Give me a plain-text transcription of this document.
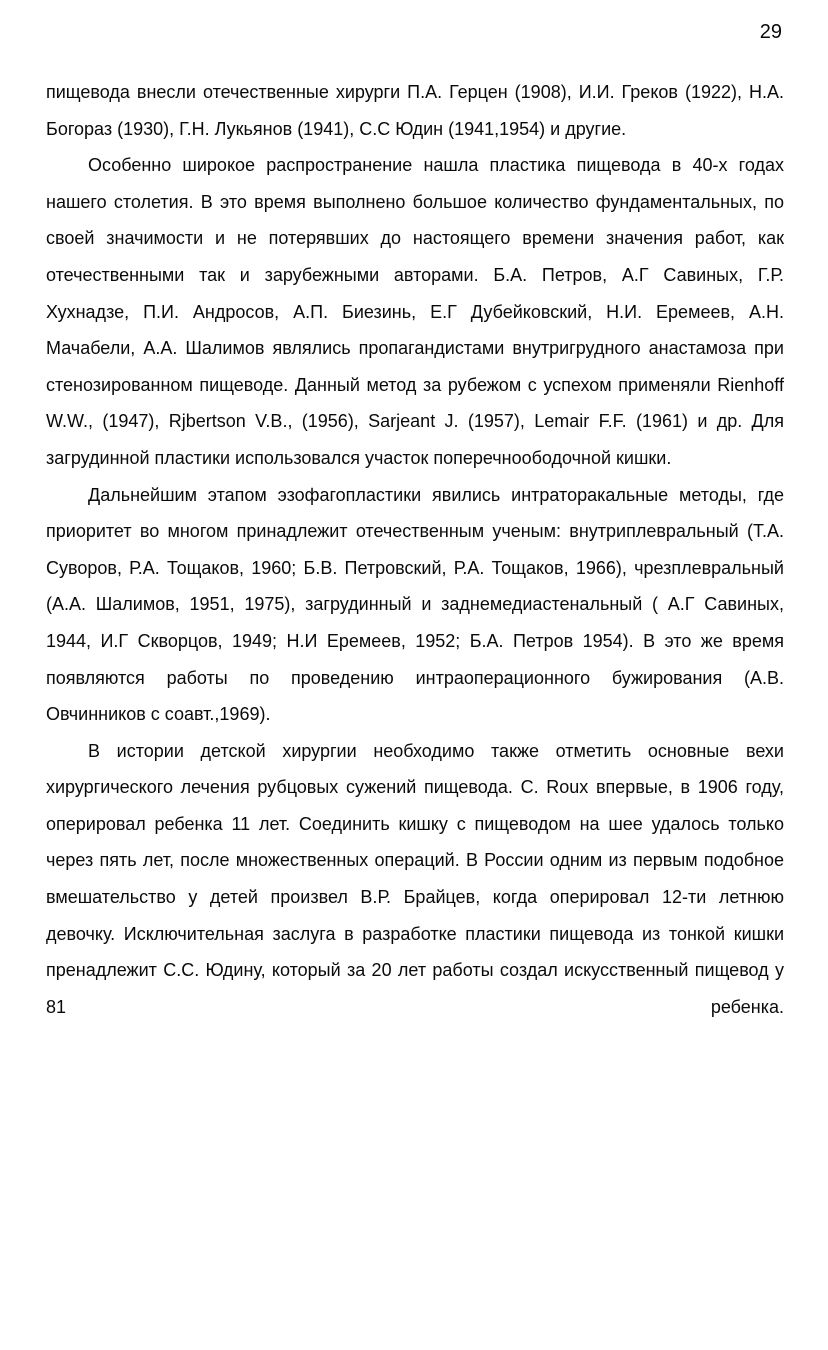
29

пищевода внесли отечественные хирурги П.А. Герцен (1908), И.И. Греков (1922), Н.А. Богораз (1930), Г.Н. Лукьянов (1941), С.С Юдин (1941,1954) и другие.

Особенно широкое распространение нашла пластика пищевода в 40-х годах нашего столетия. В это время выполнено большое количество фундаментальных, по своей значимости и не потерявших до настоящего времени значения работ, как отечественными так и зарубежными авторами. Б.А. Петров, А.Г Савиных, Г.Р. Хухнадзе, П.И. Андросов, А.П. Биезинь, Е.Г Дубейковский, Н.И. Еремеев, А.Н. Мачабели, А.А. Шалимов являлись пропагандистами внутригрудного анастамоза при стенозированном пищеводе. Данный метод за рубежом с успехом применяли Rienhoff W.W., (1947), Rjbertson V.B., (1956), Sarjeant J. (1957), Lemair F.F. (1961) и др. Для загрудинной пластики использовался участок поперечноободочной кишки.

Дальнейшим этапом эзофагопластики явились интраторакальные методы, где приоритет во многом принадлежит отечественным ученым: внутриплевральный (Т.А. Суворов, Р.А. Тощаков, 1960; Б.В. Петровский, Р.А. Тощаков, 1966), чрезплевральный (А.А. Шалимов, 1951, 1975), загрудинный и заднемедиастенальный ( А.Г Савиных, 1944, И.Г Скворцов, 1949; Н.И Еремеев, 1952; Б.А. Петров 1954). В это же время появляются работы по проведению интраоперационного бужирования (А.В. Овчинников с соавт.,1969).

В истории детской хирургии необходимо также отметить основные вехи хирургического лечения рубцовых сужений пищевода. С. Roux впервые, в 1906 году, оперировал ребенка 11 лет. Соединить кишку с пищеводом на шее удалось только через пять лет, после множественных операций. В России одним из первым подобное вмешательство у детей произвел В.Р. Брайцев, когда оперировал 12-ти летнюю девочку. Исключительная заслуга в разработке пластики пищевода из тонкой кишки пренадлежит С.С. Юдину, который за 20 лет работы создал искусственный пищевод у 81 ребенка.
